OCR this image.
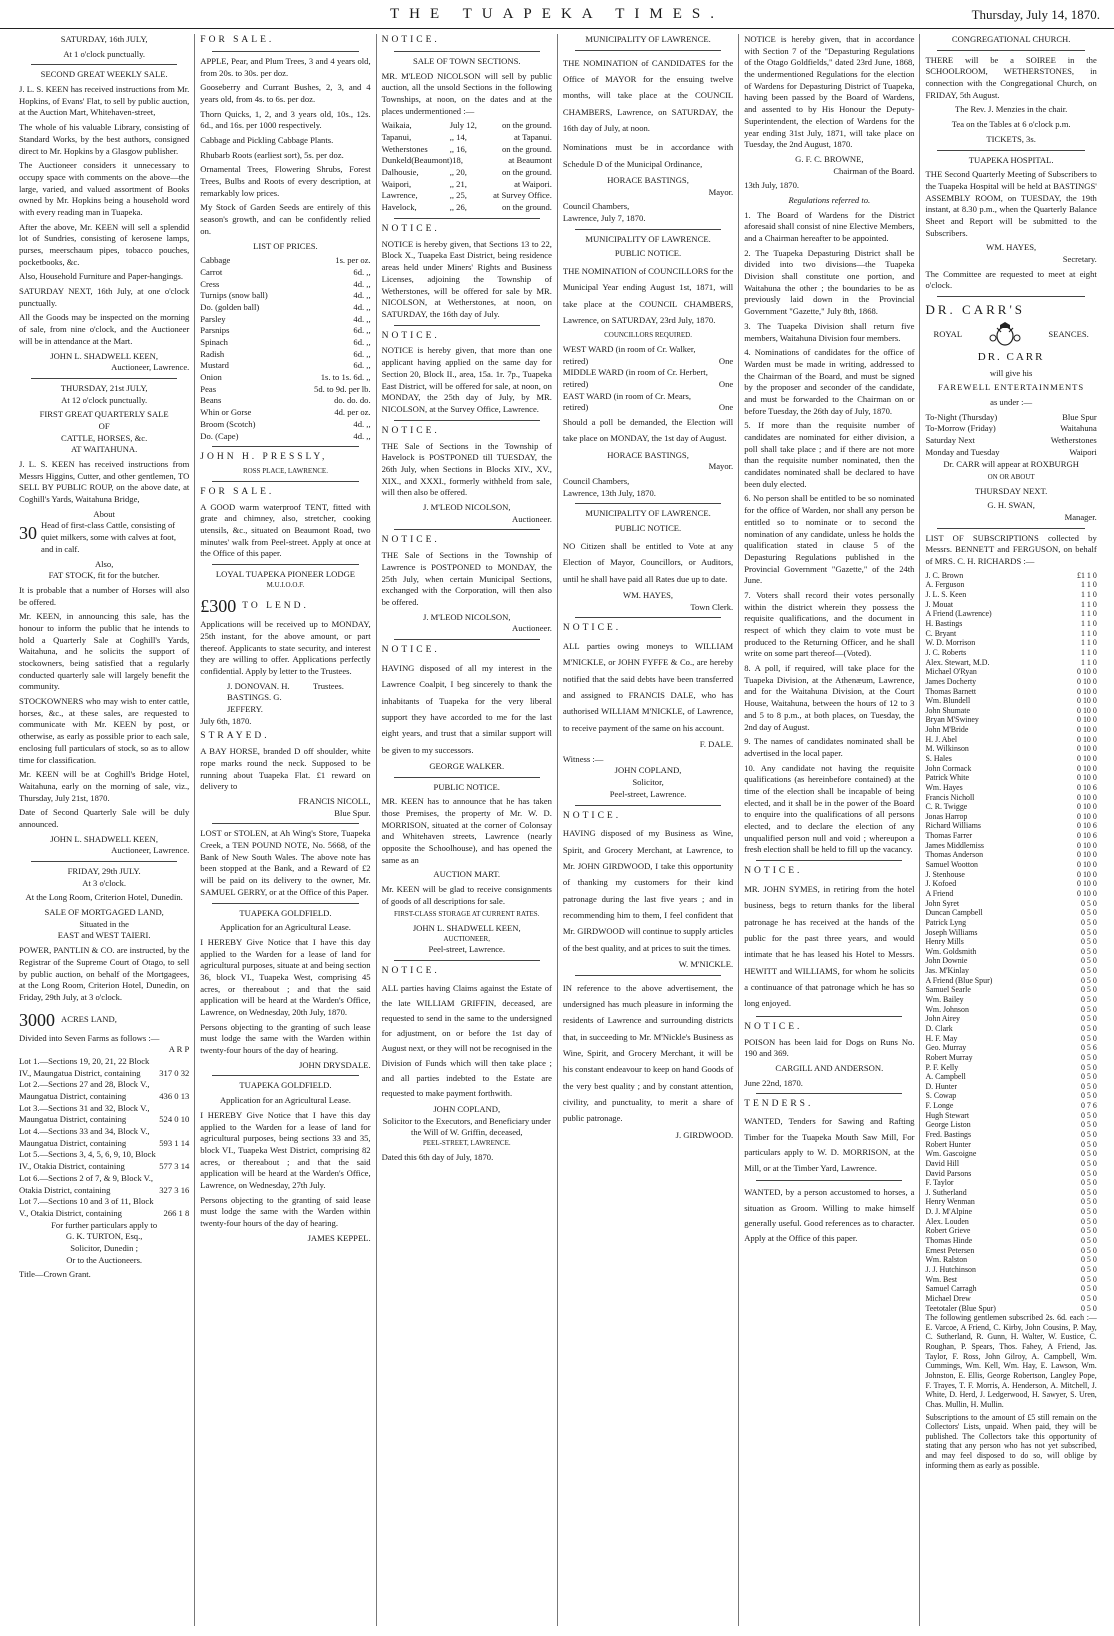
THE TUAPEKA TIMES.	Thursday, July 14, 1870.

SATURDAY, 16th JULY,

At 1 o'clock punctually.

SECOND GREAT WEEKLY SALE.

J. L. S. KEEN has received instructions from Mr. Hopkins, of Evans' Flat, to sell by public auction, at the Auction Mart, Whitehaven-street,

The whole of his valuable Library, consisting of Standard Works, by the best authors, consigned direct to Mr. Hopkins by a Glasgow publisher.

The Auctioneer considers it unnecessary to occupy space with comments on the above—the large, varied, and valued assortment of Books owned by Mr. Hopkins being a household word with every reading man in Tuapeka.

After the above, Mr. KEEN will sell a splendid lot of Sundries, consisting of kerosene lamps, purses, meerschaum pipes, tobacco pouches, pocketbooks, &c.

Also, Household Furniture and Paper-hangings.

SATURDAY NEXT, 16th July, at one o'clock punctually.

All the Goods may be inspected on the morning of sale, from nine o'clock, and the Auctioneer will be in attendance at the Mart.

JOHN L. SHADWELL KEEN,

Auctioneer, Lawrence.

THURSDAY, 21st JULY,

At 12 o'clock punctually.

FIRST GREAT QUARTERLY SALE

OF

CATTLE, HORSES, &c.

AT WAITAHUNA.

J. L. S. KEEN has received instructions from Messrs Higgins, Cutter, and other gentlemen, TO SELL BY PUBLIC ROUP, on the above date, at Coghill's Yards, Waitahuna Bridge,

About

30 Head of first-class Cattle, consisting of quiet milkers, some with calves at foot, and in calf.

Also,

FAT STOCK, fit for the butcher.

It is probable that a number of Horses will also be offered.

Mr. KEEN, in announcing this sale, has the honour to inform the public that he intends to hold a Quarterly Sale at Coghill's Yards, Waitahuna, and he solicits the support of stockowners, being satisfied that a regularly conducted quarterly sale will largely benefit the community.

STOCKOWNERS who may wish to enter cattle, horses, &c., at these sales, are requested to communicate with Mr. KEEN by post, or otherwise, as early as possible prior to each sale, enclosing full particulars of stock, so as to allow time for classification.

Mr. KEEN will be at Coghill's Bridge Hotel, Waitahuna, early on the morning of sale, viz., Thursday, July 21st, 1870.

Date of Second Quarterly Sale will be duly announced.

JOHN L. SHADWELL KEEN,

Auctioneer, Lawrence.

FRIDAY, 29th JULY.

At 3 o'clock.

At the Long Room, Criterion Hotel, Dunedin.

SALE OF MORTGAGED LAND,

Situated in the

EAST and WEST TAIERI.

POWER, PANTLIN & CO. are instructed, by the Registrar of the Supreme Court of Otago, to sell by public auction, on behalf of the Mortgagees, at the Long Room, Criterion Hotel, Dunedin, on Friday, 29th July, at 3 o'clock.

3000 ACRES LAND,

Divided into Seven Farms as follows :—

A R P

Lot 1.—Sections 19, 20, 21, 22 Block IV., Maungatua District, containing	317 0 32
Lot 2.—Sections 27 and 28, Block V., Maungatua District, containing	436 0 13
Lot 3.—Sections 31 and 32, Block V., Maungatua District, containing	524 0 10
Lot 4.—Sections 33 and 34, Block V., Maungatua District, containing	593 1 14
Lot 5.—Sections 3, 4, 5, 6, 9, 10, Block IV., Otakia District, containing	577 3 14
Lot 6.—Sections 2 of 7, & 9, Block V., Otakia District, containing	327 3 16
Lot 7.—Sections 10 and 3 of 11, Block V., Otakia District, containing	266 1 8

For further particulars apply to

G. K. TURTON, Esq.,

Solicitor, Dunedin ;

Or to the Auctioneers.

Title—Crown Grant.

FOR SALE.

APPLE, Pear, and Plum Trees, 3 and 4 years old, from 20s. to 30s. per doz.

Gooseberry and Currant Bushes, 2, 3, and 4 years old, from 4s. to 6s. per doz.

Thorn Quicks, 1, 2, and 3 years old, 10s., 12s. 6d., and 16s. per 1000 respectively.

Cabbage and Pickling Cabbage Plants.

Rhubarb Roots (earliest sort), 5s. per doz.

Ornamental Trees, Flowering Shrubs, Forest Trees, Bulbs and Roots of every description, at remarkably low prices.

My Stock of Garden Seeds are entirely of this season's growth, and can be confidently relied on.

LIST OF PRICES.

Cabbage	1s. per oz.
Carrot	6d. ,,
Cress	4d. ,,
Turnips (snow ball)	4d. ,,
Do. (golden ball)	4d. ,,
Parsley	4d. ,,
Parsnips	6d. ,,
Spinach	6d. ,,
Radish	6d. ,,
Mustard	6d. ,,
Onion	1s. to 1s. 6d. ,,
Peas	5d. to 9d. per lb.
Beans	do. do. do.
Whin or Gorse	4d. per oz.
Broom (Scotch)	4d. ,,
Do. (Cape)	4d. ,,

JOHN H. PRESSLY,

ROSS PLACE, LAWRENCE.

FOR SALE.

A GOOD warm waterproof TENT, fitted with grate and chimney, also, stretcher, cooking utensils, &c., situated on Beaumont Road, two minutes' walk from Peel-street. Apply at once at the Office of this paper.

LOYAL TUAPEKA PIONEER LODGE

M.U.I.O.O.F.

£300 TO LEND.

Applications will be received up to MONDAY, 25th instant, for the above amount, or part thereof. Applicants to state security, and interest they are willing to offer. Applications perfectly confidential. Apply by letter to the Trustees.

J. DONOVAN. H. BASTINGS. G. JEFFERY.
Trustees.

July 6th, 1870.

STRAYED.

A BAY HORSE, branded D off shoulder, white rope marks round the neck. Supposed to be running about Tuapeka Flat. £1 reward on delivery to

FRANCIS NICOLL,

Blue Spur.

LOST or STOLEN, at Ah Wing's Store, Tuapeka Creek, a TEN POUND NOTE, No. 5668, of the Bank of New South Wales. The above note has been stopped at the Bank, and a Reward of £2 will be paid on its delivery to the owner, Mr. SAMUEL GERRY, or at the Office of this Paper.

TUAPEKA GOLDFIELD.

Application for an Agricultural Lease.

I HEREBY Give Notice that I have this day applied to the Warden for a lease of land for agricultural purposes, situate at and being section 36, block VI., Tuapeka West, comprising 45 acres, or thereabout ; and that the said application will be heard at the Warden's Office, Lawrence, on Wednesday, 20th July, 1870.

Persons objecting to the granting of such lease must lodge the same with the Warden within twenty-four hours of the day of hearing.

JOHN DRYSDALE.

TUAPEKA GOLDFIELD.

Application for an Agricultural Lease.

I HEREBY Give Notice that I have this day applied to the Warden for a lease of land for agricultural purposes, being sections 33 and 35, block VI., Tuapeka West District, comprising 82 acres, or thereabout ; and that the said application will be heard at the Warden's Office, Lawrence, on Wednesday, 27th July.

Persons objecting to the granting of said lease must lodge the same with the Warden within twenty-four hours of the day of hearing.

JAMES KEPPEL.

NOTICE.

SALE OF TOWN SECTIONS.

MR. M'LEOD NICOLSON will sell by public auction, all the unsold Sections in the following Townships, at noon, on the dates and at the places undermentioned :—

Waikaia,	July 12,	on the ground.
Tapanui,	,, 14,	at Tapanui.
Wetherstones	,, 16,	on the ground.
Dunkeld(Beaumont) 18,	at Beaumont
Dalhousie,	,, 20,	on the ground.
Waipori,	,, 21,	at Waipori.
Lawrence,	,, 25,	at Survey Office.
Havelock,	,, 26,	on the ground.

NOTICE.

NOTICE is hereby given, that Sections 13 to 22, Block X., Tuapeka East District, being residence areas held under Miners' Rights and Business Licenses, adjoining the Township of Wetherstones, will be offered for sale by MR. NICOLSON, at Wetherstones, at noon, on SATURDAY, the 16th day of July.

NOTICE.

NOTICE is hereby given, that more than one applicant having applied on the same day for Section 20, Block II., area, 15a. 1r. 7p., Tuapeka East District, will be offered for sale, at noon, on MONDAY, the 25th day of July, by MR. NICOLSON, at the Survey Office, Lawrence.

NOTICE.

THE Sale of Sections in the Township of Havelock is POSTPONED till TUESDAY, the 26th July, when Sections in Blocks XIV., XV., XIX., and XXXI., formerly withheld from sale, will then also be offered.

J. M'LEOD NICOLSON,

Auctioneer.

NOTICE.

THE Sale of Sections in the Township of Lawrence is POSTPONED to MONDAY, the 25th July, when certain Municipal Sections, exchanged with the Corporation, will then also be offered.

J. M'LEOD NICOLSON,

Auctioneer.

NOTICE.

HAVING disposed of all my interest in the Lawrence Coalpit, I beg sincerely to thank the inhabitants of Tuapeka for the very liberal support they have accorded to me for the last eight years, and trust that a similar support will be given to my successors.

GEORGE WALKER.

PUBLIC NOTICE.

MR. KEEN has to announce that he has taken those Premises, the property of Mr. W. D. MORRISON, situated at the corner of Colonsay and Whitehaven streets, Lawrence (nearly opposite the Schoolhouse), and has opened the same as an

AUCTION MART.

Mr. KEEN will be glad to receive consignments of goods of all descriptions for sale.

FIRST-CLASS STORAGE AT CURRENT RATES.

JOHN L. SHADWELL KEEN,

AUCTIONEER,

Peel-street, Lawrence.

NOTICE.

ALL parties having Claims against the Estate of the late WILLIAM GRIFFIN, deceased, are requested to send in the same to the undersigned for adjustment, on or before the 1st day of August next, or they will not be recognised in the Division of Funds which will then take place ; and all parties indebted to the Estate are requested to make payment forthwith.

JOHN COPLAND,

Solicitor to the Executors, and Beneficiary under the Will of W. Griffin, deceased,

PEEL-STREET, LAWRENCE.

Dated this 6th day of July, 1870.

MUNICIPALITY OF LAWRENCE.

THE NOMINATION of CANDIDATES for the Office of MAYOR for the ensuing twelve months, will take place at the COUNCIL CHAMBERS, Lawrence, on SATURDAY, the 16th day of July, at noon.

Nominations must be in accordance with Schedule D of the Municipal Ordinance,

HORACE BASTINGS,

Mayor.

Council Chambers,

Lawrence, July 7, 1870.

MUNICIPALITY OF LAWRENCE.

PUBLIC NOTICE.

THE NOMINATION of COUNCILLORS for the Municipal Year ending August 1st, 1871, will take place at the COUNCIL CHAMBERS, Lawrence, on SATURDAY, 23rd July, 1870.

COUNCILLORS REQUIRED.

WEST WARD (in room of Cr. Walker, retired)	One
MIDDLE WARD (in room of Cr. Herbert, retired)	One
EAST WARD (in room of Cr. Mears, retired)	One

Should a poll be demanded, the Election will take place on MONDAY, the 1st day of August.

HORACE BASTINGS,

Mayor.

Council Chambers,

Lawrence, 13th July, 1870.

MUNICIPALITY OF LAWRENCE.

PUBLIC NOTICE.

NO Citizen shall be entitled to Vote at any Election of Mayor, Councillors, or Auditors, until he shall have paid all Rates due up to date.

WM. HAYES,

Town Clerk.

NOTICE.

ALL parties owing moneys to WILLIAM M'NICKLE, or JOHN FYFFE & Co., are hereby notified that the said debts have been transferred and assigned to FRANCIS DALE, who has authorised WILLIAM M'NICKLE, of Lawrence, to receive payment of the same on his account.

F. DALE.

Witness :—

JOHN COPLAND,

Solicitor,

Peel-street, Lawrence.

NOTICE.

HAVING disposed of my Business as Wine, Spirit, and Grocery Merchant, at Lawrence, to Mr. JOHN GIRDWOOD, I take this opportunity of thanking my customers for their kind patronage during the last five years ; and in recommending him to them, I feel confident that Mr. GIRDWOOD will continue to supply articles of the best quality, and at prices to suit the times.

W. M'NICKLE.

IN reference to the above advertisement, the undersigned has much pleasure in informing the residents of Lawrence and surrounding districts that, in succeeding to Mr. M'Nickle's Business as Wine, Spirit, and Grocery Merchant, it will be his constant endeavour to keep on hand Goods of the very best quality ; and by constant attention, civility, and punctuality, to merit a share of public patronage.

J. GIRDWOOD.

NOTICE is hereby given, that in accordance with Section 7 of the "Depasturing Regulations of the Otago Goldfields," dated 23rd June, 1868, the undermentioned Regulations for the election of Wardens for Depasturing District of Tuapeka, having been passed by the Board of Wardens, and assented to by His Honour the Deputy-Superintendent, the election of Wardens for the year ending 31st July, 1871, will take place on Tuesday, the 2nd August, 1870.

G. F. C. BROWNE,

Chairman of the Board.

13th July, 1870.

Regulations referred to.

1. The Board of Wardens for the District aforesaid shall consist of nine Elective Members, and a Chairman hereafter to be appointed.

2. The Tuapeka Depasturing District shall be divided into two divisions—the Tuapeka Division shall constitute one portion, and Waitahuna the other ; the boundaries to be as previously laid down in the Provincial Government "Gazette," July 8th, 1868.

3. The Tuapeka Division shall return five members, Waitahuna Division four members.

4. Nominations of candidates for the office of Warden must be made in writing, addressed to the Chairman of the Board, and must be signed by the proposer and seconder of the candidate, and must be forwarded to the Chairman on or before Tuesday, the 26th day of July, 1870.

5. If more than the requisite number of candidates are nominated for either division, a poll shall take place ; and if there are not more than the requisite number nominated, then the candidates nominated shall be declared to have been duly elected.

6. No person shall be entitled to be so nominated for the office of Warden, nor shall any person be entitled so to nominate or to second the nomination of any candidate, unless he holds the qualification stated in clause 5 of the Depasturing Regulations published in the Provincial Government "Gazette," of the 24th June.

7. Voters shall record their votes personally within the district wherein they possess the requisite qualifications, and the document in respect of which they claim to vote must be produced to the Returning Officer, and he shall write on some part thereof—(Voted).

8. A poll, if required, will take place for the Tuapeka Division, at the Athenæum, Lawrence, and for the Waitahuna Division, at the Court House, Waitahuna, between the hours of 12 to 3 and 5 to 8 p.m., at both places, on Tuesday, the 2nd day of August.

9. The names of candidates nominated shall be advertised in the local paper.

10. Any candidate not having the requisite qualifications (as hereinbefore contained) at the time of the election shall be incapable of being elected, and it shall be in the power of the Board to enquire into the qualifications of all persons elected, and to declare the election of any unqualified person null and void ; whereupon a fresh election shall be held to fill up the vacancy.

NOTICE.

MR. JOHN SYMES, in retiring from the hotel business, begs to return thanks for the liberal patronage he has received at the hands of the public for the past three years, and would intimate that he has leased his Hotel to Messrs. HEWITT and WILLIAMS, for whom he solicits a continuance of that patronage which he has so long enjoyed.

NOTICE.

POISON has been laid for Dogs on Runs No. 190 and 369.

CARGILL AND ANDERSON.

June 22nd, 1870.

TENDERS.

WANTED, Tenders for Sawing and Rafting Timber for the Tuapeka Mouth Saw Mill, For particulars apply to W. D. MORRISON, at the Mill, or at the Timber Yard, Lawrence.

WANTED, by a person accustomed to horses, a situation as Groom. Willing to make himself generally useful. Good references as to character. Apply at the Office of this paper.

CONGREGATIONAL CHURCH.

THERE will be a SOIREE in the SCHOOLROOM, WETHERSTONES, in connection with the Congregational Church, on FRIDAY, 5th August.

The Rev. J. Menzies in the chair.

Tea on the Tables at 6 o'clock p.m.

TICKETS, 3s.

TUAPEKA HOSPITAL.

THE Second Quarterly Meeting of Subscribers to the Tuapeka Hospital will be held at BASTINGS' ASSEMBLY ROOM, on TUESDAY, the 19th instant, at 8.30 p.m., when the Quarterly Balance Sheet and Report will be submitted to the Subscribers.

WM. HAYES,

Secretary.

The Committee are requested to meet at eight o'clock.

DR. CARR'S

ROYAL	SEANCES.

DR. CARR

will give his

FAREWELL ENTERTAINMENTS

as under :—

To-Night (Thursday)	Blue Spur
To-Morrow (Friday)	Waitahuna
Saturday Next	Wetherstones
Monday and Tuesday	Waipori

Dr. CARR will appear at ROXBURGH

ON OR ABOUT

THURSDAY NEXT.

G. H. SWAN,

Manager.

LIST OF SUBSCRIPTIONS collected by Messrs. BENNETT and FERGUSON, on behalf of MRS. C. H. RICHARDS :—

J. C. Brown	£1 1 0
A. Ferguson	1 1 0
J. L. S. Keen	1 1 0
J. Mouat	1 1 0
A Friend (Lawrence)	1 1 0
H. Bastings	1 1 0
C. Bryant	1 1 0
W. D. Morrison	1 1 0
J. C. Roberts	1 1 0
Alex. Stewart, M.D.	1 1 0
Michael O'Ryan	0 10 0
James Docherty	0 10 0
Thomas Barnett	0 10 0
Wm. Blundell	0 10 0
John Shumate	0 10 0
Bryan M'Swiney	0 10 0
John M'Bride	0 10 0
H. J. Abel	0 10 0
M. Wilkinson	0 10 0
S. Hales	0 10 0
John Cormack	0 10 0
Patrick White	0 10 0
Wm. Hayes	0 10 6
Francis Nicholl	0 10 0
C. R. Twigge	0 10 0
Jonas Harrop	0 10 0
Richard Williams	0 10 6
Thomas Farrer	0 10 6
James Middlemiss	0 10 0
Thomas Anderson	0 10 0
Samuel Wootton	0 10 0
J. Stenhouse	0 10 0
J. Kofoed	0 10 0
A Friend	0 10 0
John Syret	0 5 0
Duncan Campbell	0 5 0
Patrick Lyng	0 5 0
Joseph Williams	0 5 0
Henry Mills	0 5 0
Wm. Goldsmith	0 5 0
John Downie	0 5 0
Jas. M'Kinlay	0 5 0
A Friend (Blue Spur)	0 5 0
Samuel Searle	0 5 0
Wm. Bailey	0 5 0
Wm. Johnson	0 5 0
John Airey	0 5 0
D. Clark	0 5 0
H. F. May	0 5 0
Geo. Murray	0 5 6
Robert Murray	0 5 0
P. F. Kelly	0 5 0
A. Campbell	0 5 0
D. Hunter	0 5 0
S. Cowap	0 5 0
F. Longe	0 7 6
Hugh Stewart	0 5 0
George Liston	0 5 0
Fred. Bastings	0 5 0
Robert Hunter	0 5 0
Wm. Gascoigne	0 5 0
David Hill	0 5 0
David Parsons	0 5 0
F. Taylor	0 5 0
J. Sutherland	0 5 0
Henry Wenman	0 5 0
D. J. M'Alpine	0 5 0
Alex. Louden	0 5 0
Robert Grieve	0 5 0
Thomas Hinde	0 5 0
Ernest Petersen	0 5 0
Wm. Ralston	0 5 0
J. J. Hutchinson	0 5 0
Wm. Best	0 5 0
Samuel Carragh	0 5 0
Michael Drew	0 5 0
Teetotaler (Blue Spur)	0 5 0

The following gentlemen subscribed 2s. 6d. each :—E. Varcoe, A Friend, C. Kirby, John Cousins, P. May, C. Sutherland, R. Gunn, H. Walter, W. Eustice, C. Roughan, P. Spears, Thos. Fahey, A Friend, Jas. Taylor, F. Ross, John Gilroy, A. Campbell, Wm. Cummings, Wm. Kell, Wm. Hay, E. Lawson, Wm. Johnston, E. Ellis, George Robertson, Langley Pope, F. Trayes, T. F. Morris, A. Henderson, A. Mitchell, J. White, D. Herd, J. Ledgerwood, H. Sawyer, S. Uren, Chas. Mullin, H. Mullin.

Subscriptions to the amount of £5 still remain on the Collectors' Lists, unpaid. When paid, they will be published. The Collectors take this opportunity of stating that any person who has not yet subscribed, and may feel disposed to do so, will oblige by informing them as early as possible.
